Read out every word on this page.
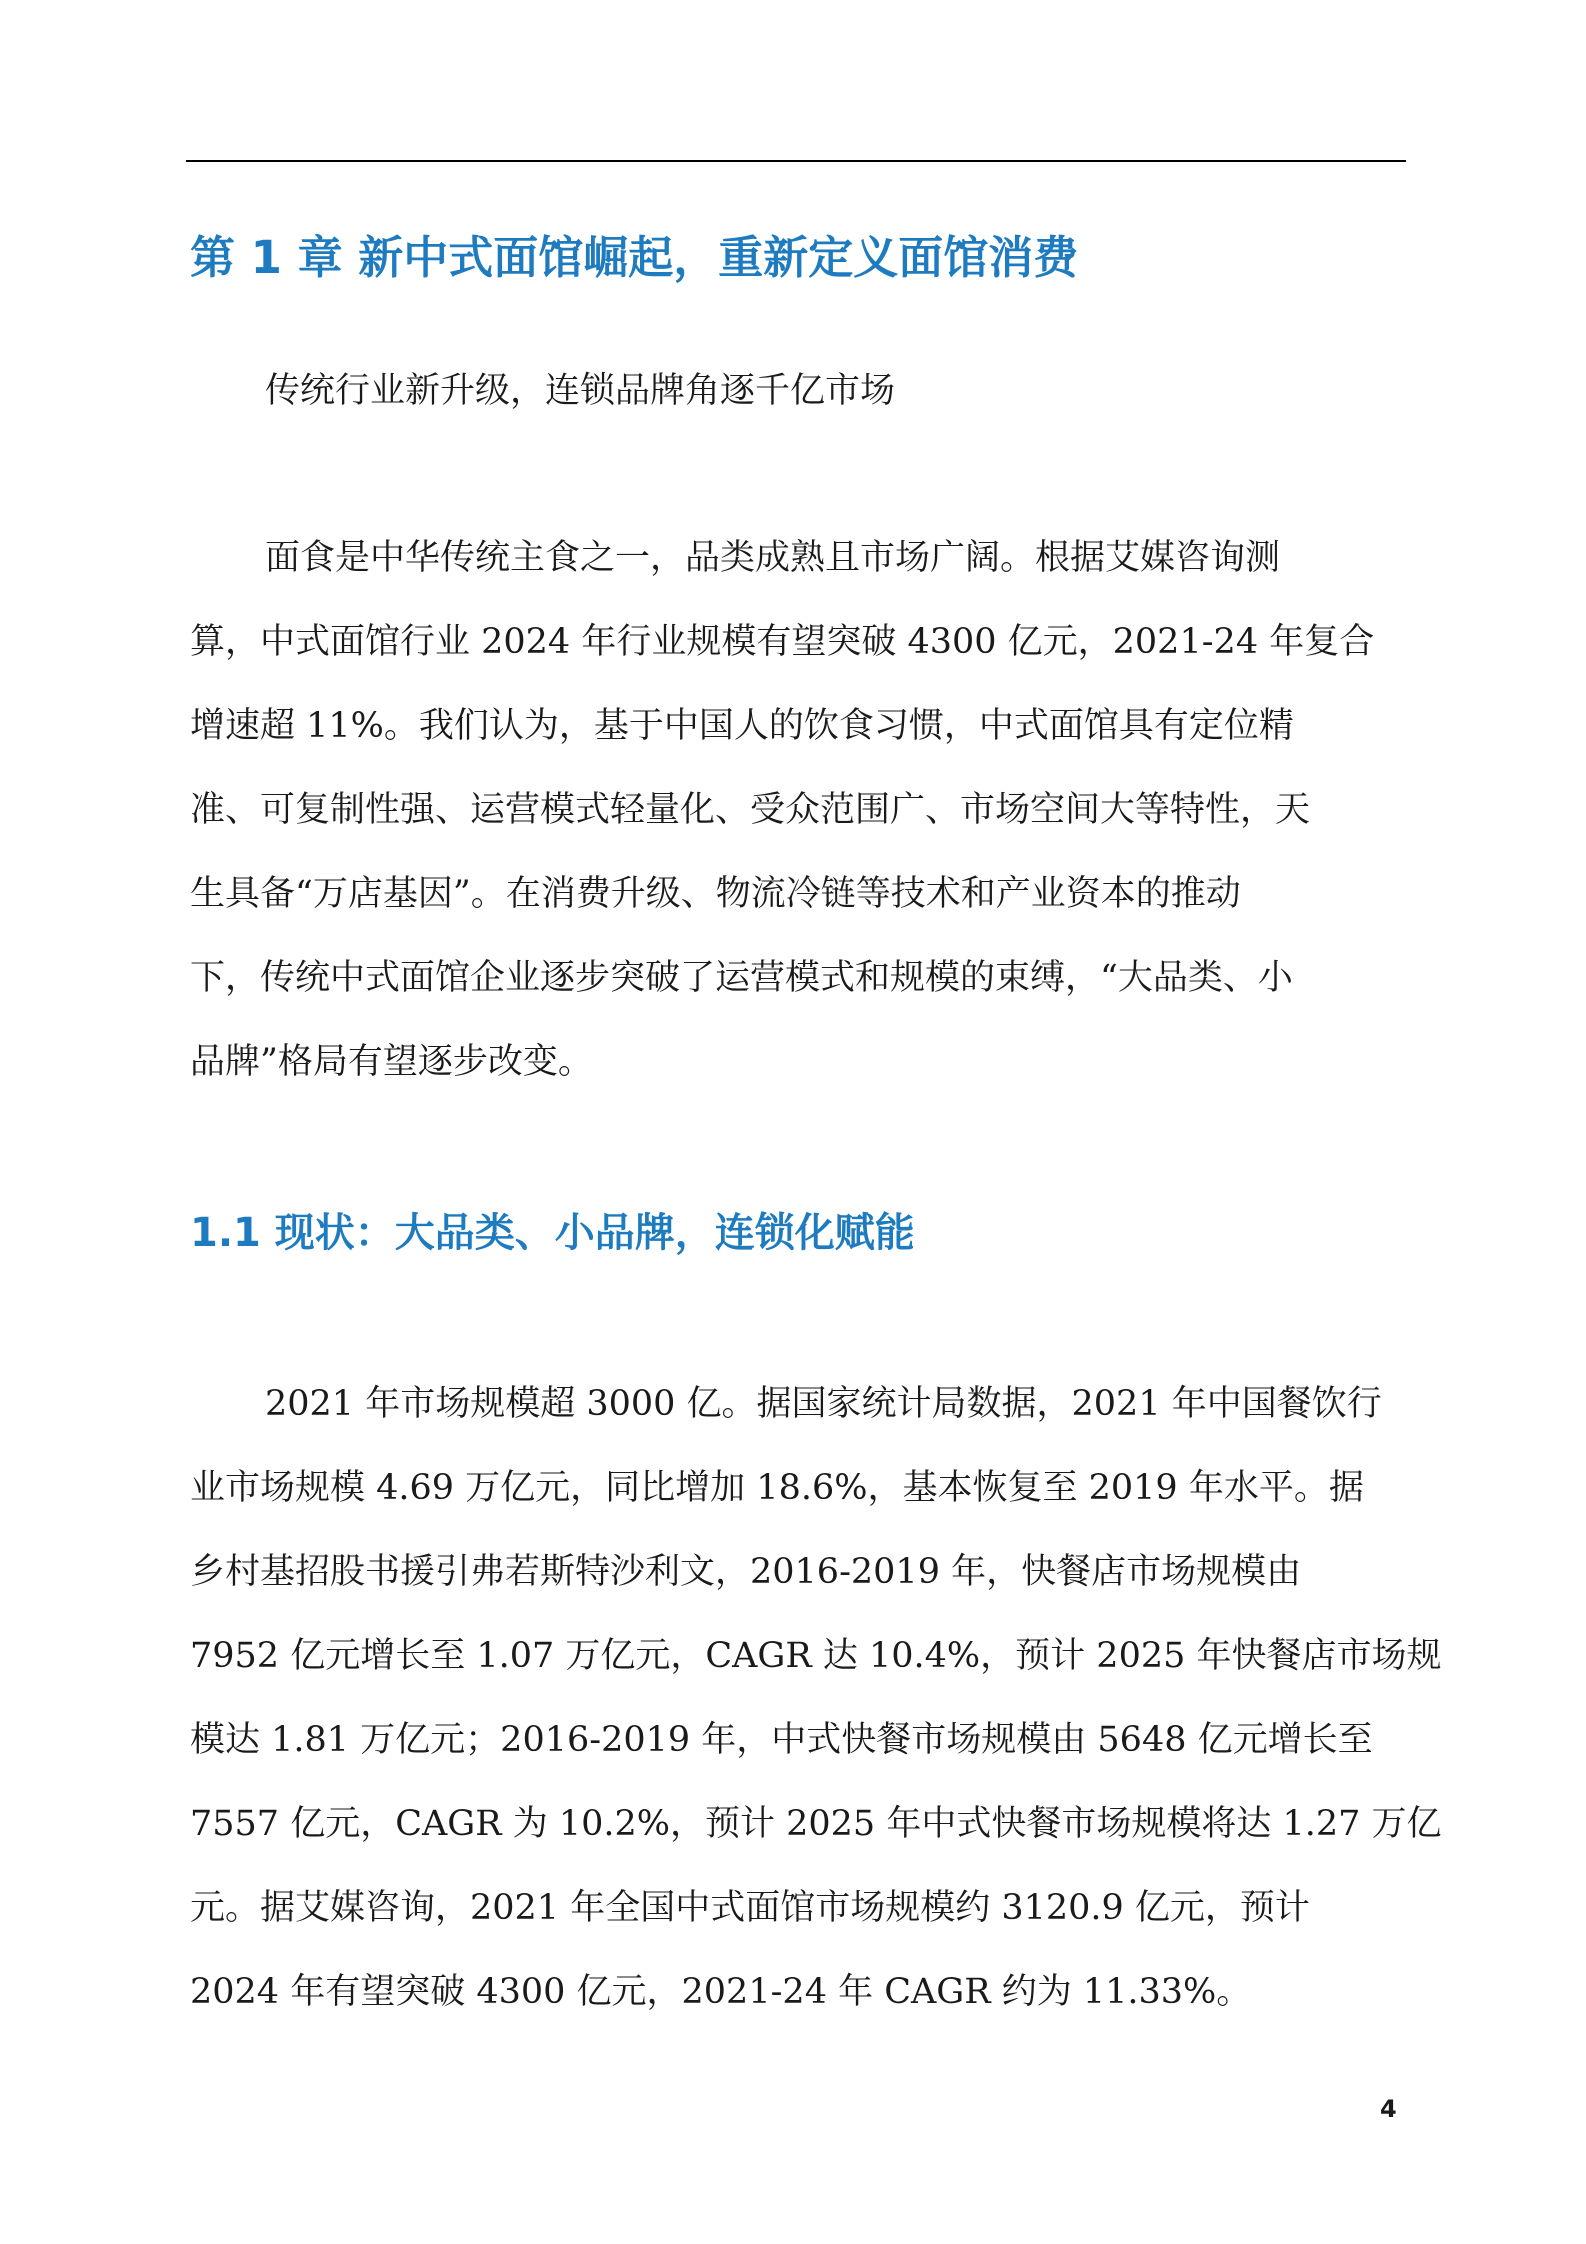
第 1 章 新中式面馆崛起，重新定义面馆消费

传统行业新升级，连锁品牌角逐千亿市场

面食是中华传统主食之一，品类成熟且市场广阔。根据艾媒咨询测

算，中式面馆行业 2024 年行业规模有望突破 4300 亿元，2021-24 年复合

增速超 11%。我们认为，基于中国人的饮食习惯，中式面馆具有定位精

准、可复制性强、运营模式轻量化、受众范围广、市场空间大等特性，天

生具备“万店基因”。在消费升级、物流冷链等技术和产业资本的推动

下，传统中式面馆企业逐步突破了运营模式和规模的束缚，“大品类、小

品牌”格局有望逐步改变。

1.1 现状：大品类、小品牌，连锁化赋能

2021 年市场规模超 3000 亿。据国家统计局数据，2021 年中国餐饮行

业市场规模 4.69 万亿元，同比增加 18.6%，基本恢复至 2019 年水平。据

乡村基招股书援引弗若斯特沙利文，2016-2019 年，快餐店市场规模由

7952 亿元增长至 1.07 万亿元，CAGR 达 10.4%，预计 2025 年快餐店市场规

模达 1.81 万亿元；2016-2019 年，中式快餐市场规模由 5648 亿元增长至

7557 亿元，CAGR 为 10.2%，预计 2025 年中式快餐市场规模将达 1.27 万亿

元。据艾媒咨询，2021 年全国中式面馆市场规模约 3120.9 亿元，预计

2024 年有望突破 4300 亿元，2021-24 年 CAGR 约为 11.33%。

4
